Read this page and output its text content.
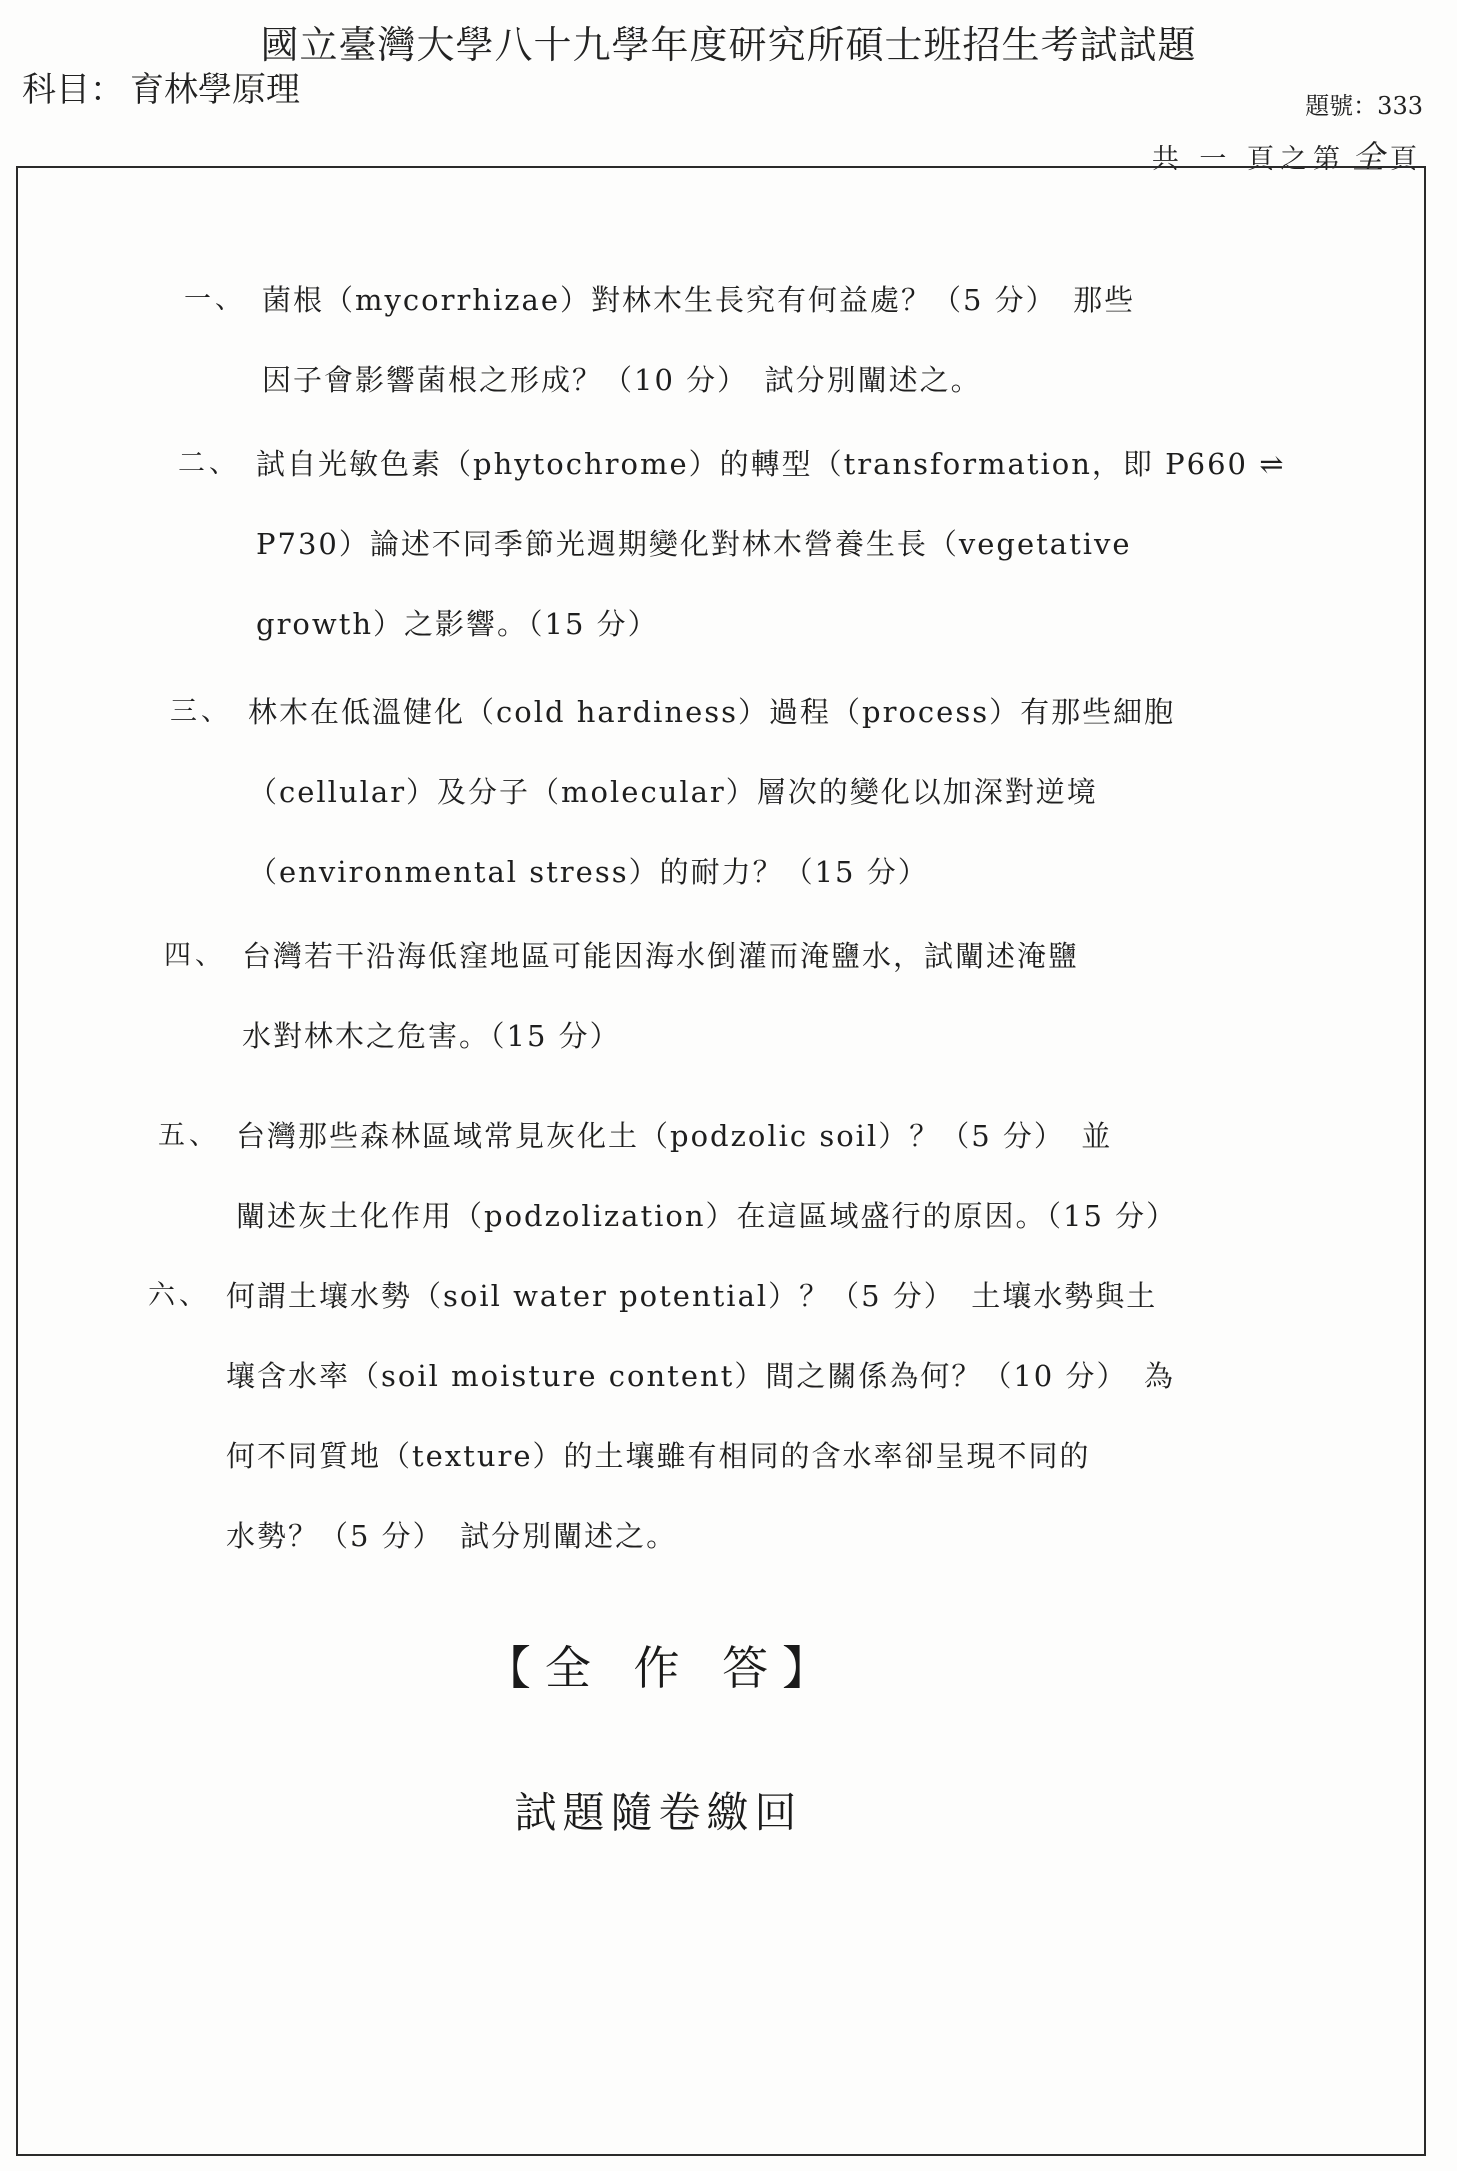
國立臺灣大學八十九學年度研究所碩士班招生考試試題
科目： 育林學原理	題號：333
共 一 頁之第 全 頁
一、 菌根（mycorrhizae）對林木生長究有何益處？（5 分）　那些
因子會影響菌根之形成？（10 分）　試分別闡述之。
二、 試自光敏色素（phytochrome）的轉型（transformation，即 P660 ⇌
P730）論述不同季節光週期變化對林木營養生長（vegetative
growth）之影響。（15 分）
三、 林木在低溫健化（cold hardiness）過程（process）有那些細胞
（cellular）及分子（molecular）層次的變化以加深對逆境
（environmental stress）的耐力？（15 分）
四、 台灣若干沿海低窪地區可能因海水倒灌而淹鹽水，試闡述淹鹽
水對林木之危害。（15 分）
五、 台灣那些森林區域常見灰化土（podzolic soil）？（5 分）　並
闡述灰土化作用（podzolization）在這區域盛行的原因。（15 分）
六、 何謂土壤水勢（soil water potential）？（5 分）　土壤水勢與土
壤含水率（soil moisture content）間之關係為何？（10 分）　為
何不同質地（texture）的土壤雖有相同的含水率卻呈現不同的
水勢？（5 分）　試分別闡述之。
【全 作 答】
試題隨卷繳回
